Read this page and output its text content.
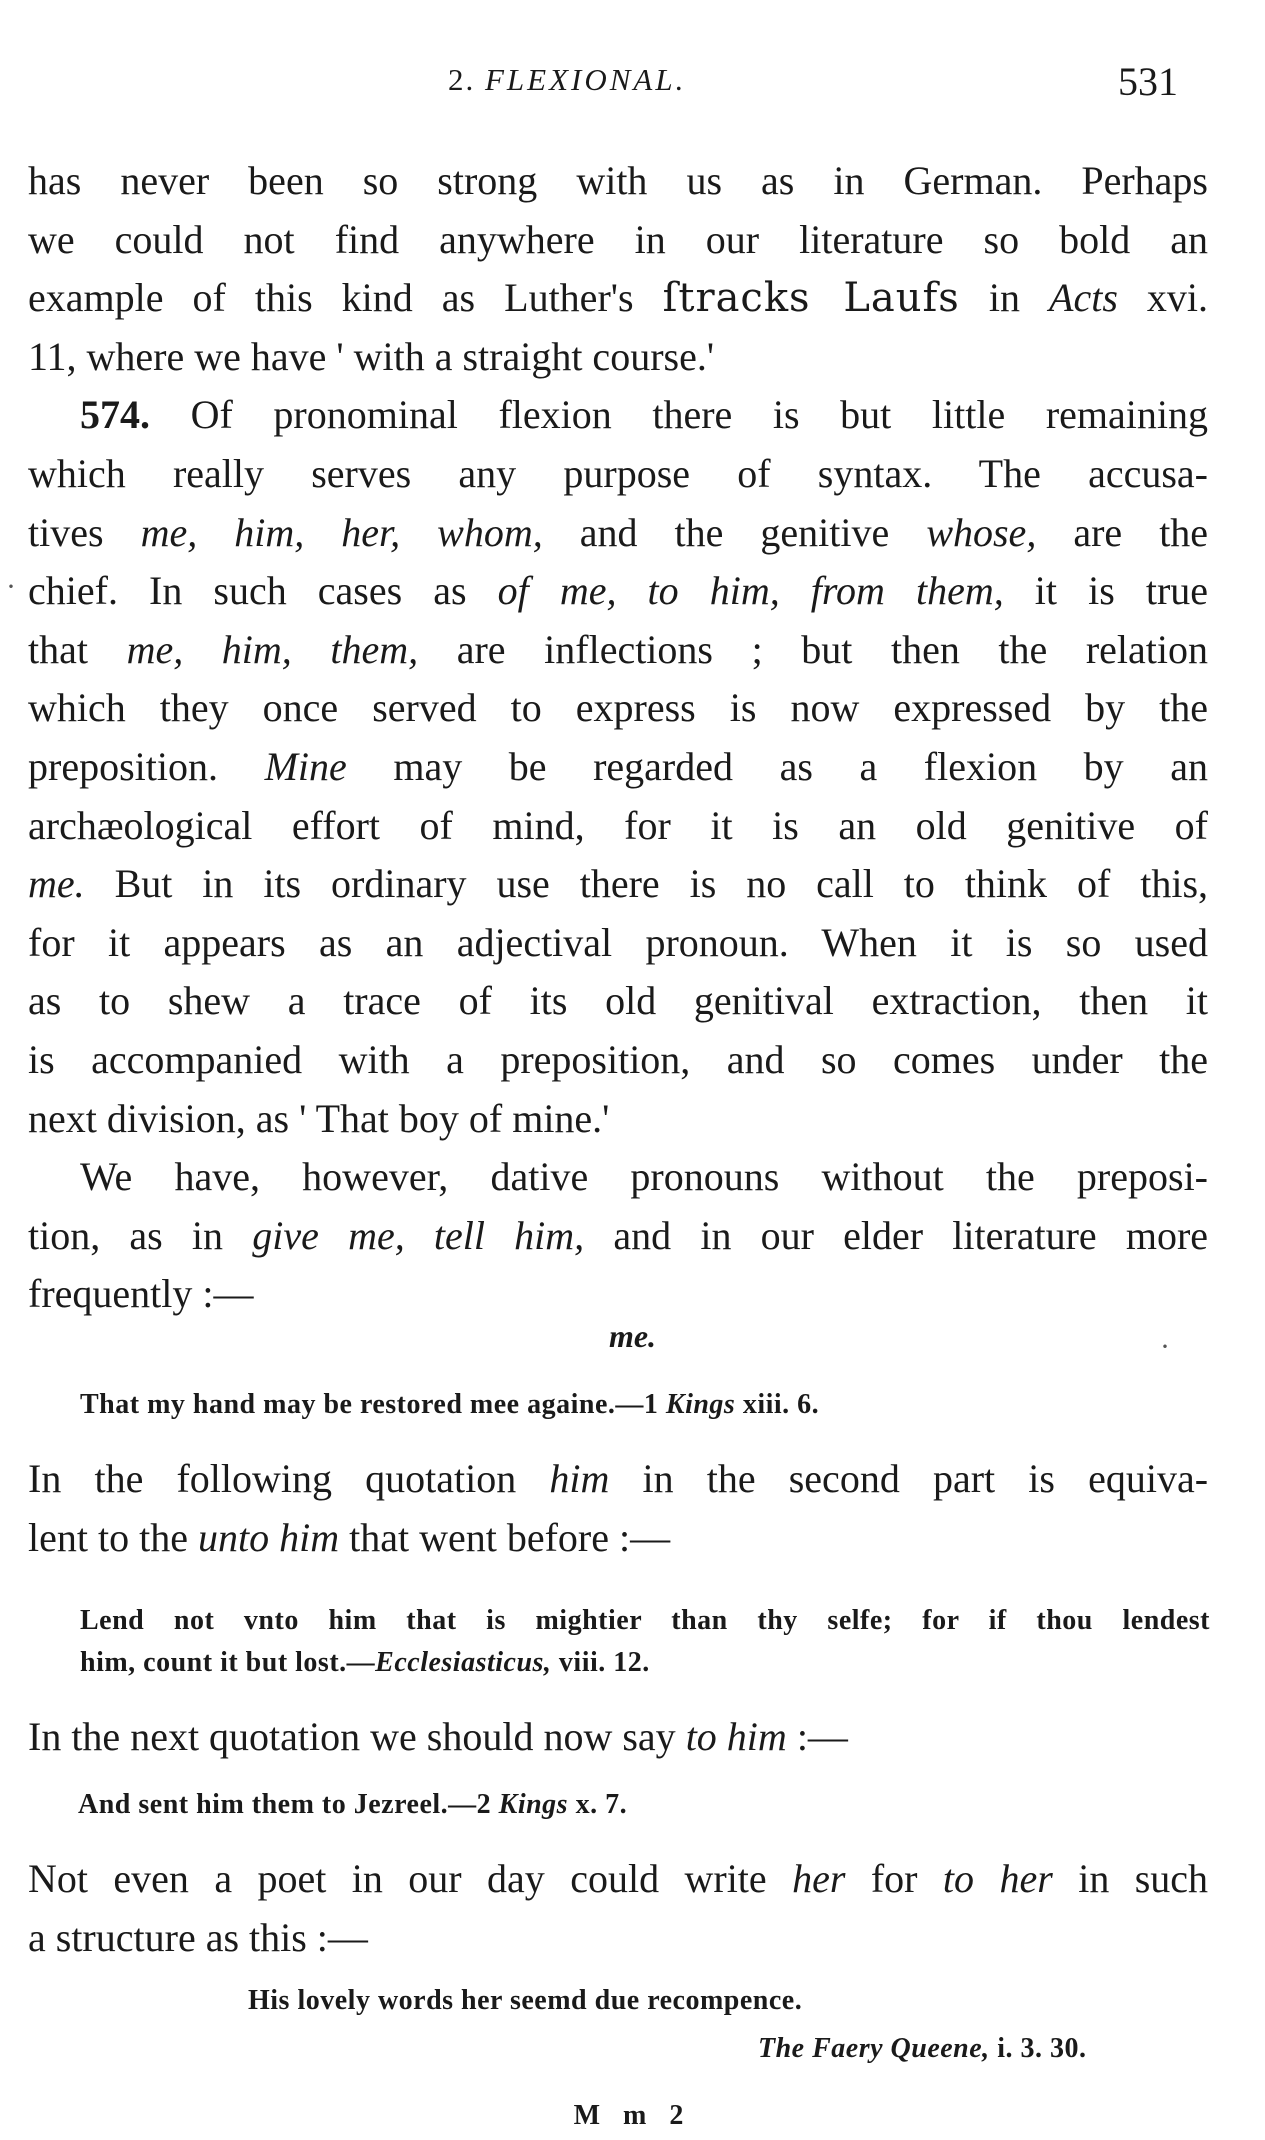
2. FLEXIONAL.	531
has never been so strong with us as in German. Perhaps
we could not find anywhere in our literature so bold an
example of this kind as Luther's ſtracks Laufs in Acts xvi.
11, where we have ' with a straight course.'
574. Of pronominal flexion there is but little remaining
which really serves any purpose of syntax. The accusa-
tives me, him, her, whom, and the genitive whose, are the
chief. In such cases as of me, to him, from them, it is true
that me, him, them, are inflections ; but then the relation
which they once served to express is now expressed by the
preposition. Mine may be regarded as a flexion by an
archæological effort of mind, for it is an old genitive of
me. But in its ordinary use there is no call to think of this,
for it appears as an adjectival pronoun. When it is so used
as to shew a trace of its old genitival extraction, then it
is accompanied with a preposition, and so comes under the
next division, as ' That boy of mine.'
We have, however, dative pronouns without the preposi-
tion, as in give me, tell him, and in our elder literature more
frequently :—
me.
That my hand may be restored mee againe.—1 Kings xiii. 6.
In the following quotation him in the second part is equiva-
lent to the unto him that went before :—
Lend not vnto him that is mightier than thy selfe; for if thou lendest
him, count it but lost.—Ecclesiasticus, viii. 12.
In the next quotation we should now say to him :—
And sent him them to Jezreel.—2 Kings x. 7.
Not even a poet in our day could write her for to her in such
a structure as this :—
His lovely words her seemd due recompence.
The Faery Queene, i. 3. 30.
M m 2
·
·
